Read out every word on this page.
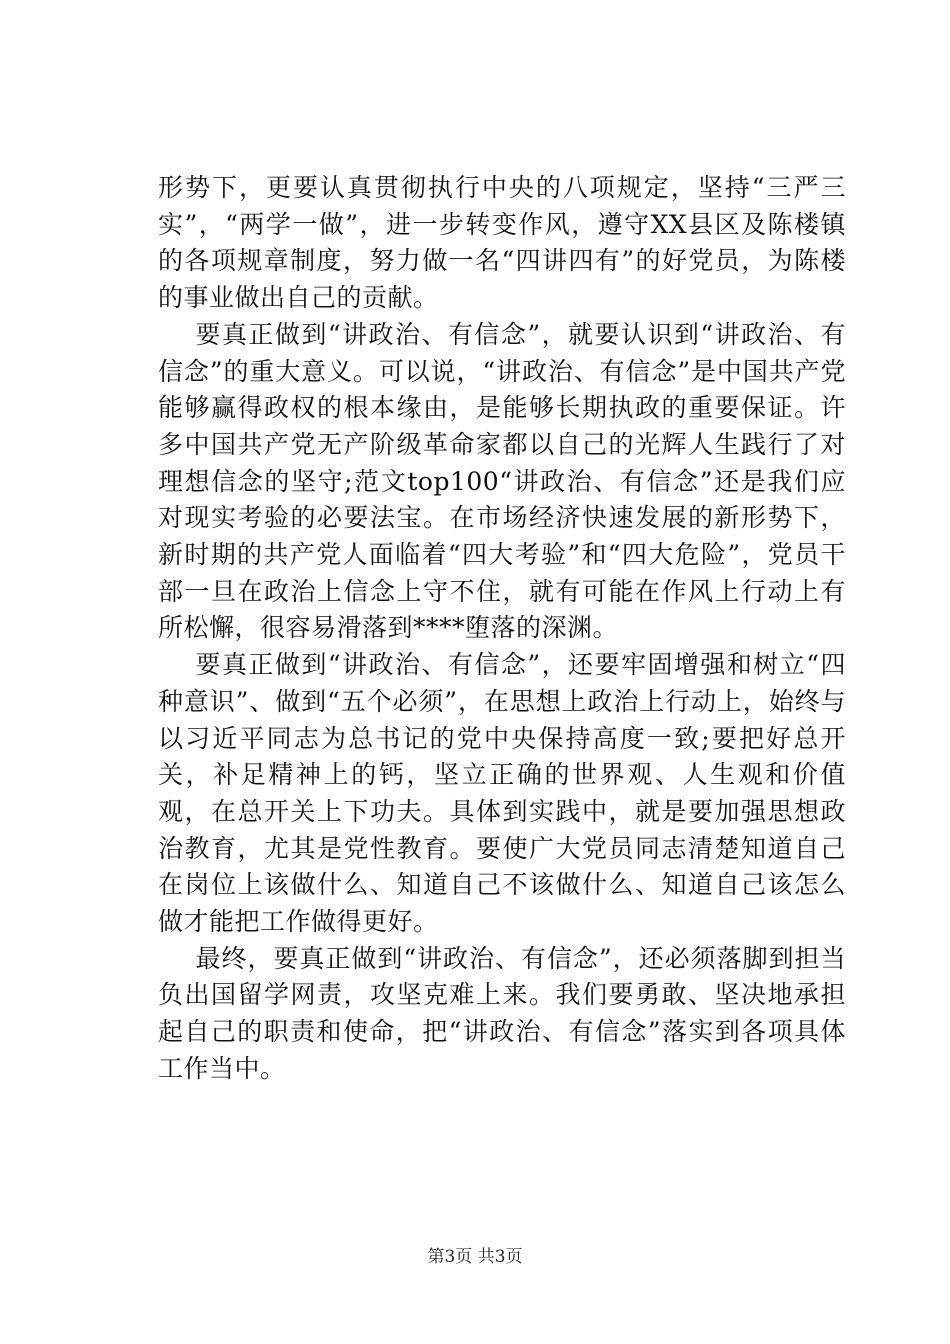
形势下，更要认真贯彻执行中央的八项规定，坚持“三严三实”，“两学一做”，进一步转变作风，遵守XX县区及陈楼镇的各项规章制度，努力做一名“四讲四有”的好党员，为陈楼的事业做出自己的贡献。

要真正做到“讲政治、有信念”，就要认识到“讲政治、有信念”的重大意义。可以说，“讲政治、有信念”是中国共产党能够赢得政权的根本缘由，是能够长期执政的重要保证。许多中国共产党无产阶级革命家都以自己的光辉人生践行了对理想信念的坚守;范文top100“讲政治、有信念”还是我们应对现实考验的必要法宝。在市场经济快速发展的新形势下，新时期的共产党人面临着“四大考验”和“四大危险”，党员干部一旦在政治上信念上守不住，就有可能在作风上行动上有所松懈，很容易滑落到****堕落的深渊。

要真正做到“讲政治、有信念”，还要牢固增强和树立“四种意识”、做到“五个必须”，在思想上政治上行动上，始终与以习近平同志为总书记的党中央保持高度一致;要把好总开关，补足精神上的钙，坚立正确的世界观、人生观和价值观，在总开关上下功夫。具体到实践中，就是要加强思想政治教育，尤其是党性教育。要使广大党员同志清楚知道自己在岗位上该做什么、知道自己不该做什么、知道自己该怎么做才能把工作做得更好。

最终，要真正做到“讲政治、有信念”，还必须落脚到担当负出国留学网责，攻坚克难上来。我们要勇敢、坚决地承担起自己的职责和使命，把“讲政治、有信念”落实到各项具体工作当中。

第3页 共3页
